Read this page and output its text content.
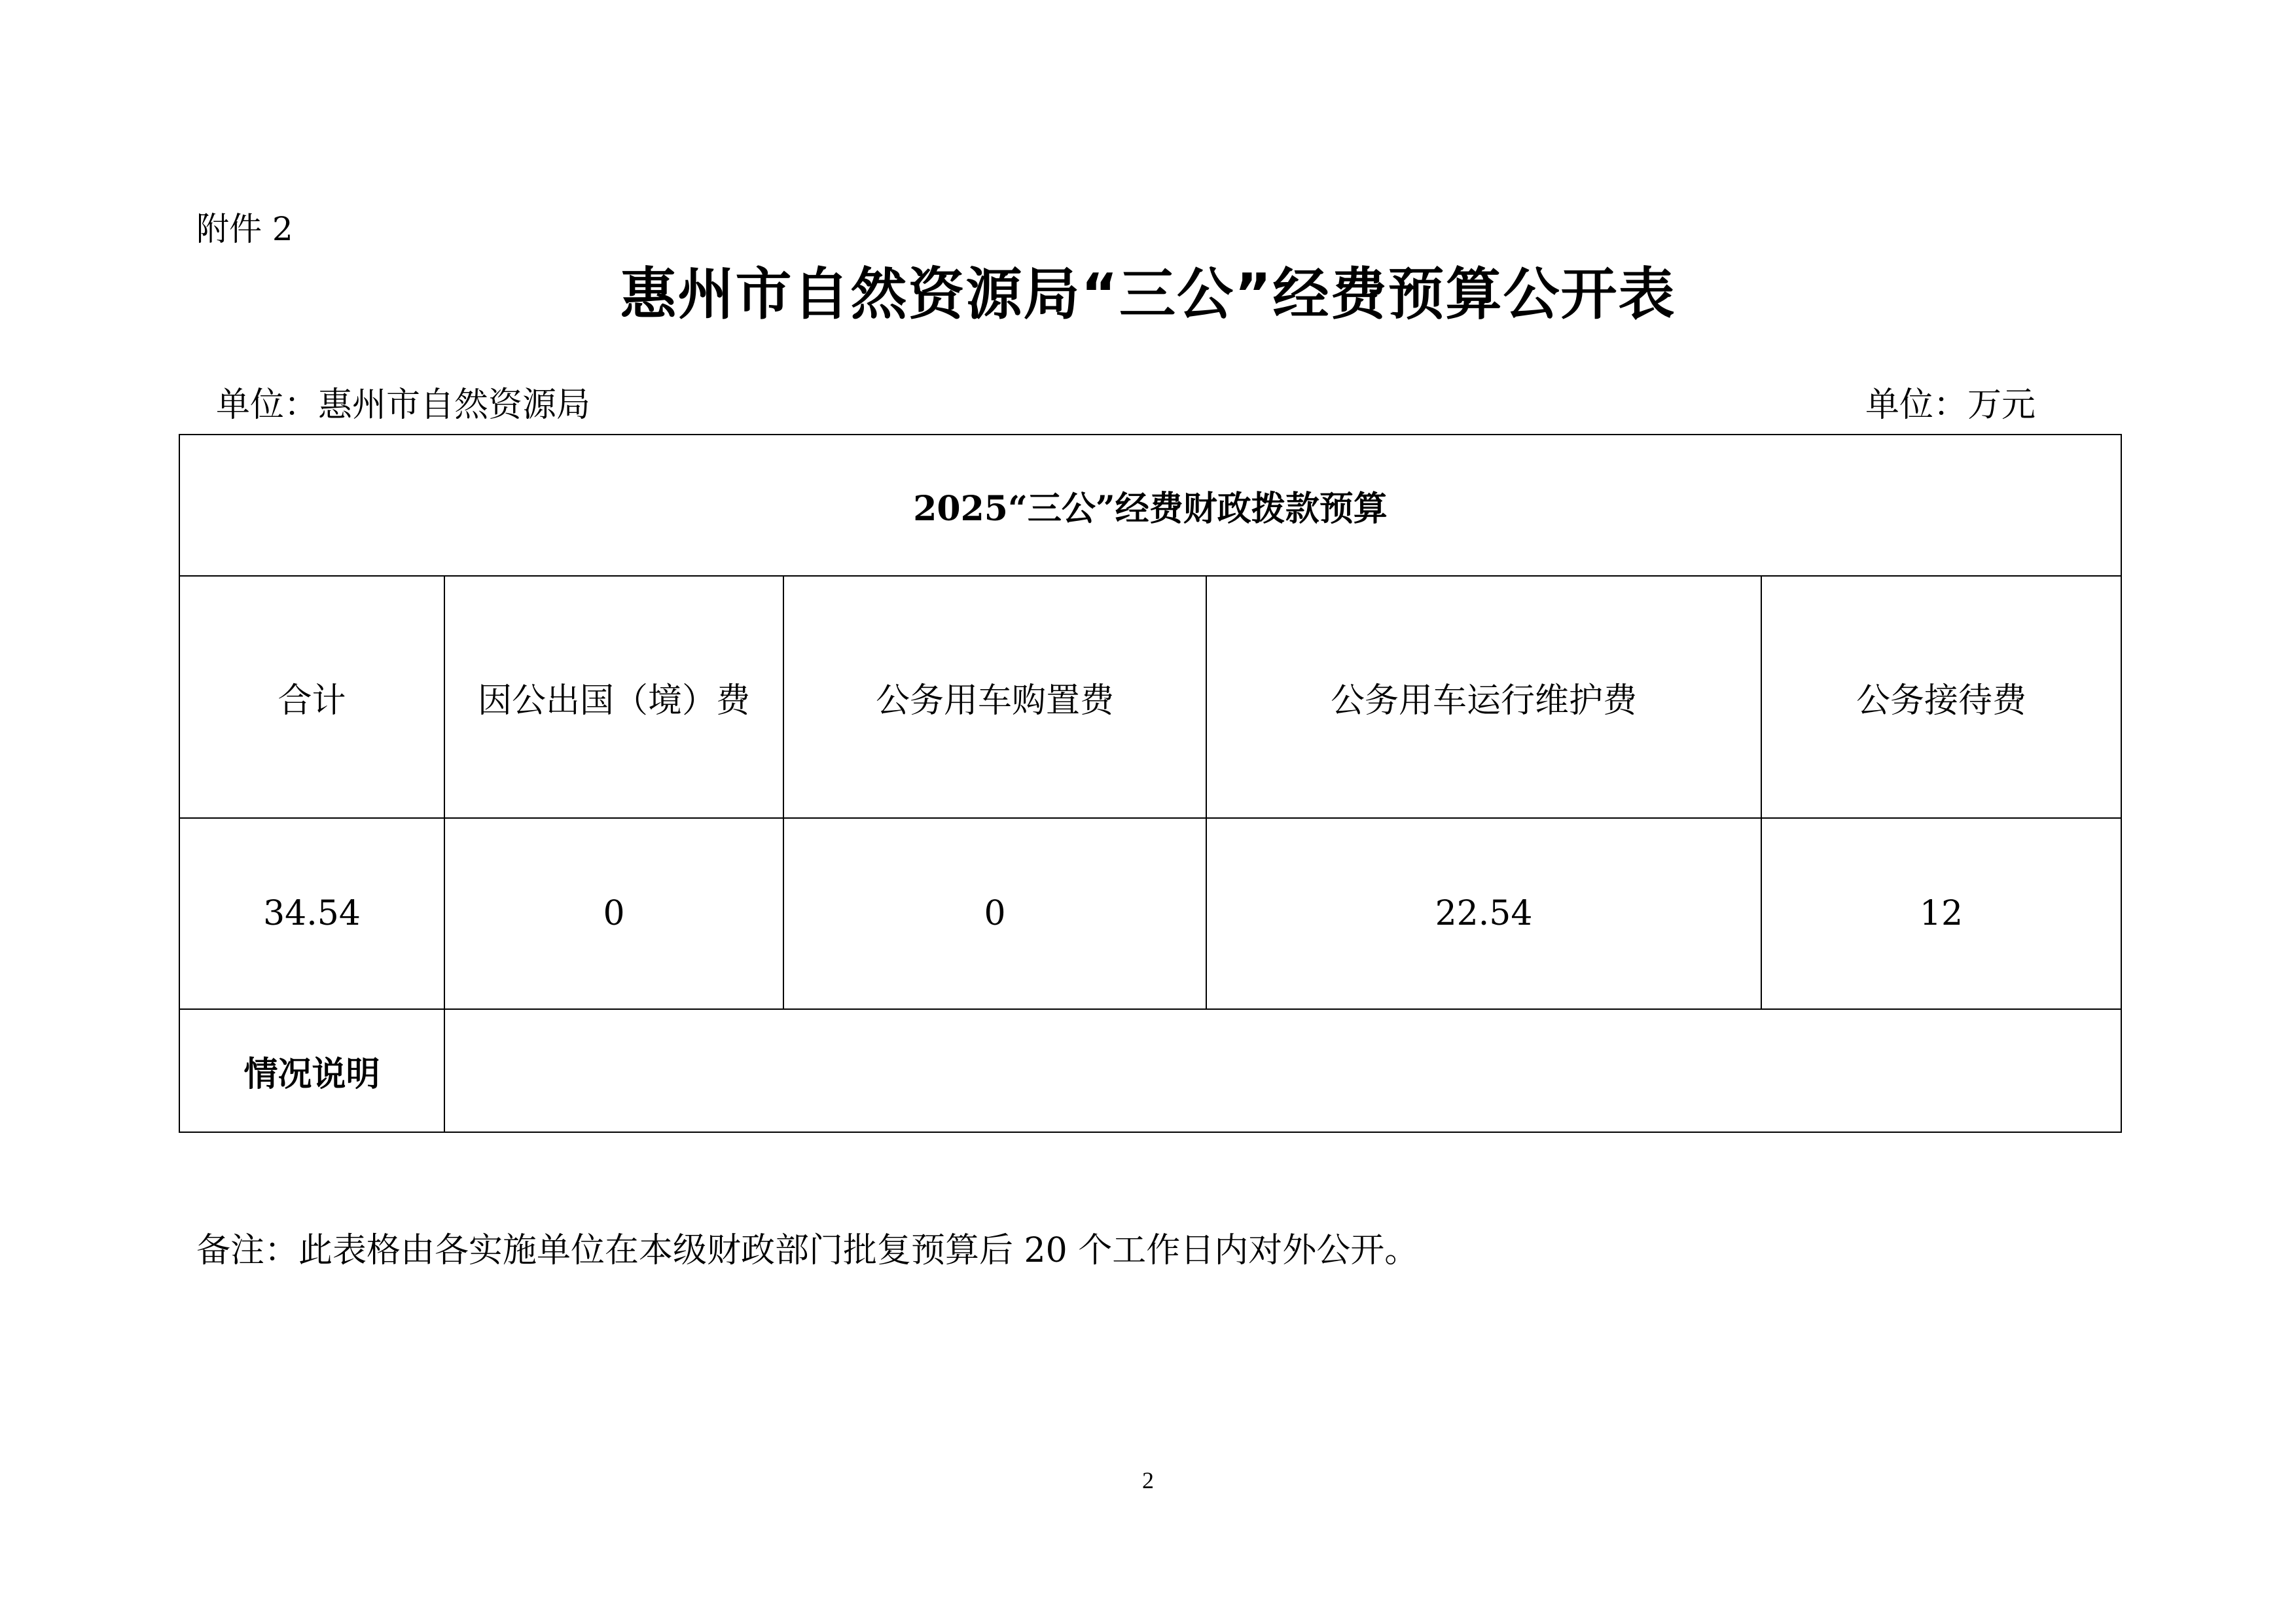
附件 2
惠州市自然资源局“三公”经费预算公开表
单位：惠州市自然资源局	单位：万元
2025“三公”经费财政拨款预算				
合计	因公出国（境）费	公务用车购置费	公务用车运行维护费	公务接待费
34.54	0	0	22.54	12
情况说明				
备注：此表格由各实施单位在本级财政部门批复预算后 20 个工作日内对外公开。
2
